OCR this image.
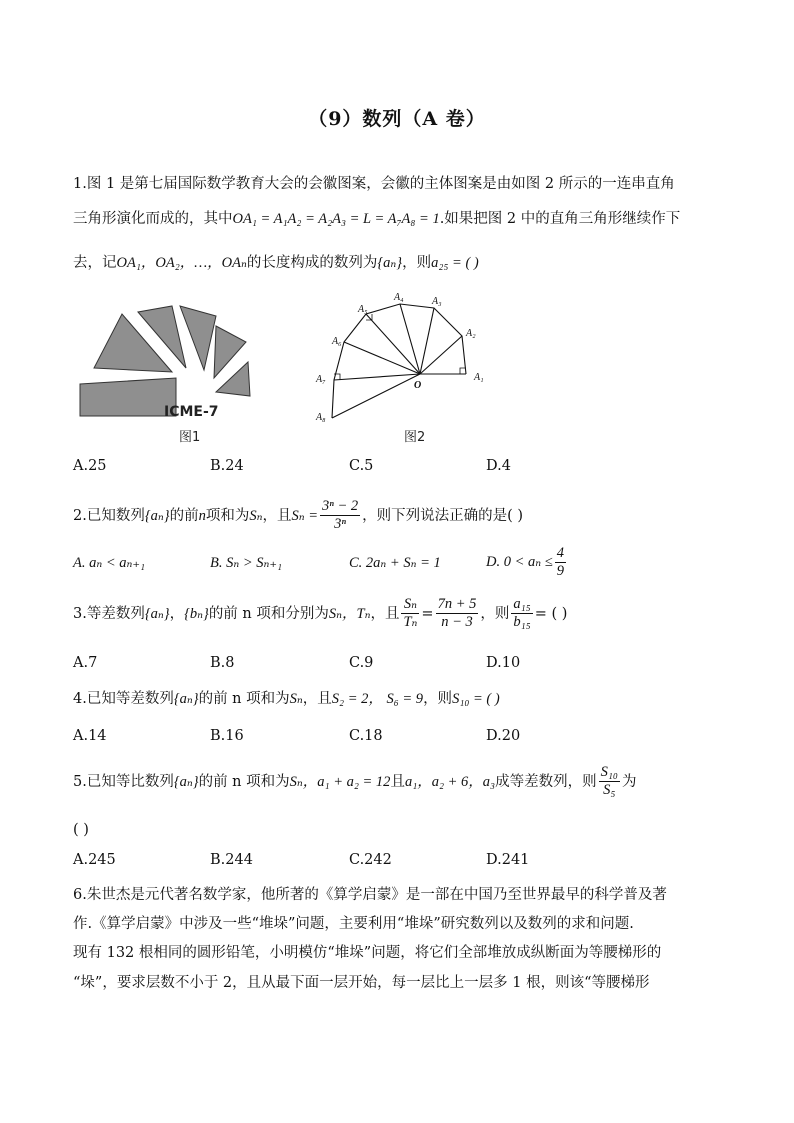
（9）数列（A 卷）
1.图 1 是第七届国际数学教育大会的会徽图案，会徽的主体图案是由如图 2 所示的一连串直角
三角形演化而成的，其中OA₁ = A₁A₂ = A₂A₃ = L = A₇A₈ = 1.如果把图 2 中的直角三角形继续作下
去，记OA₁，OA₂，…，OAₙ的长度构成的数列为{aₙ}，则a₂₅ = ( )
ICME-7
图1
A₁
A₂
A₃
A₄
A₅
A₆
A₇
A₈
O
图2
A.25	B.24	C.5	D.4
2.已知数列{aₙ}的前n项和为Sₙ，且$S_n = \frac{\text{3ⁿ − 2}}{\text{3ⁿ}}$ ，则下列说法正确的是( )
A. aₙ < aₙ₊₁	B. Sₙ > Sₙ₊₁	C. 2aₙ + Sₙ = 1	D. $0 < a_n \le \frac{4}{9}$
3.等差数列{aₙ}，{bₙ}的前 n 项和分别为Sₙ，Tₙ，且 $\frac{\text{Sₙ}}{\text{Tₙ}} = \frac{7n + 5}{n - 3}$ ，则 $\frac{\text{a₁₅}}{\text{b₁₅}}$ = ( )
A.7	B.8	C.9	D.10
4.已知等差数列{aₙ}的前 n 项和为Sₙ，且S₂ = 2， S₆ = 9，则S₁₀ = ( )
A.14	B.16	C.18	D.20
5.已知等比数列{aₙ}的前 n 项和为Sₙ，a₁ + a₂ = 12且a₁，a₂ + 6，a₃成等差数列，则 $\frac{\text{S₁₀}}{\text{S₅}}$ 为
( )
A.245	B.244	C.242	D.241
6.朱世杰是元代著名数学家，他所著的《算学启蒙》是一部在中国乃至世界最早的科学普及著
作.《算学启蒙》中涉及一些“堆垛”问题，主要利用“堆垛”研究数列以及数列的求和问题.
现有 132 根相同的圆形铅笔，小明模仿“堆垛”问题，将它们全部堆放成纵断面为等腰梯形的
“垛”，要求层数不小于 2，且从最下面一层开始，每一层比上一层多 1 根，则该“等腰梯形
